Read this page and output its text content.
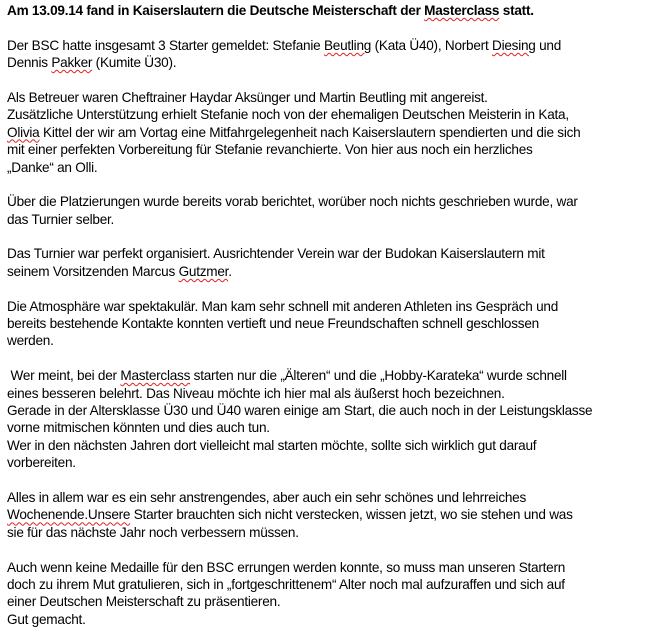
Am 13.09.14 fand in Kaiserslautern die Deutsche Meisterschaft der Masterclass statt.
Der BSC hatte insgesamt 3 Starter gemeldet: Stefanie Beutling (Kata Ü40), Norbert Diesing und
Dennis Pakker (Kumite Ü30).
Als Betreuer waren Cheftrainer Haydar Aksünger und Martin Beutling mit angereist.
Zusätzliche Unterstützung erhielt Stefanie noch von der ehemaligen Deutschen Meisterin in Kata,
Olivia Kittel der wir am Vortag eine Mitfahrgelegenheit nach Kaiserslautern spendierten und die sich
mit einer perfekten Vorbereitung für Stefanie revanchierte. Von hier aus noch ein herzliches
„Danke“ an Olli.
Über die Platzierungen wurde bereits vorab berichtet, worüber noch nichts geschrieben wurde, war
das Turnier selber.
Das Turnier war perfekt organisiert. Ausrichtender Verein war der Budokan Kaiserslautern mit
seinem Vorsitzenden Marcus Gutzmer.
Die Atmosphäre war spektakulär. Man kam sehr schnell mit anderen Athleten ins Gespräch und
bereits bestehende Kontakte konnten vertieft und neue Freundschaften schnell geschlossen
werden.
Wer meint, bei der Masterclass starten nur die „Älteren“ und die „Hobby-Karateka“ wurde schnell
eines besseren belehrt. Das Niveau möchte ich hier mal als äußerst hoch bezeichnen.
Gerade in der Altersklasse Ü30 und Ü40 waren einige am Start, die auch noch in der Leistungsklasse
vorne mitmischen könnten und dies auch tun.
Wer in den nächsten Jahren dort vielleicht mal starten möchte, sollte sich wirklich gut darauf
vorbereiten.
Alles in allem war es ein sehr anstrengendes, aber auch ein sehr schönes und lehrreiches
Wochenende.Unsere Starter brauchten sich nicht verstecken, wissen jetzt, wo sie stehen und was
sie für das nächste Jahr noch verbessern müssen.
Auch wenn keine Medaille für den BSC errungen werden konnte, so muss man unseren Startern
doch zu ihrem Mut gratulieren, sich in „fortgeschrittenem“ Alter noch mal aufzuraffen und sich auf
einer Deutschen Meisterschaft zu präsentieren.
Gut gemacht.
